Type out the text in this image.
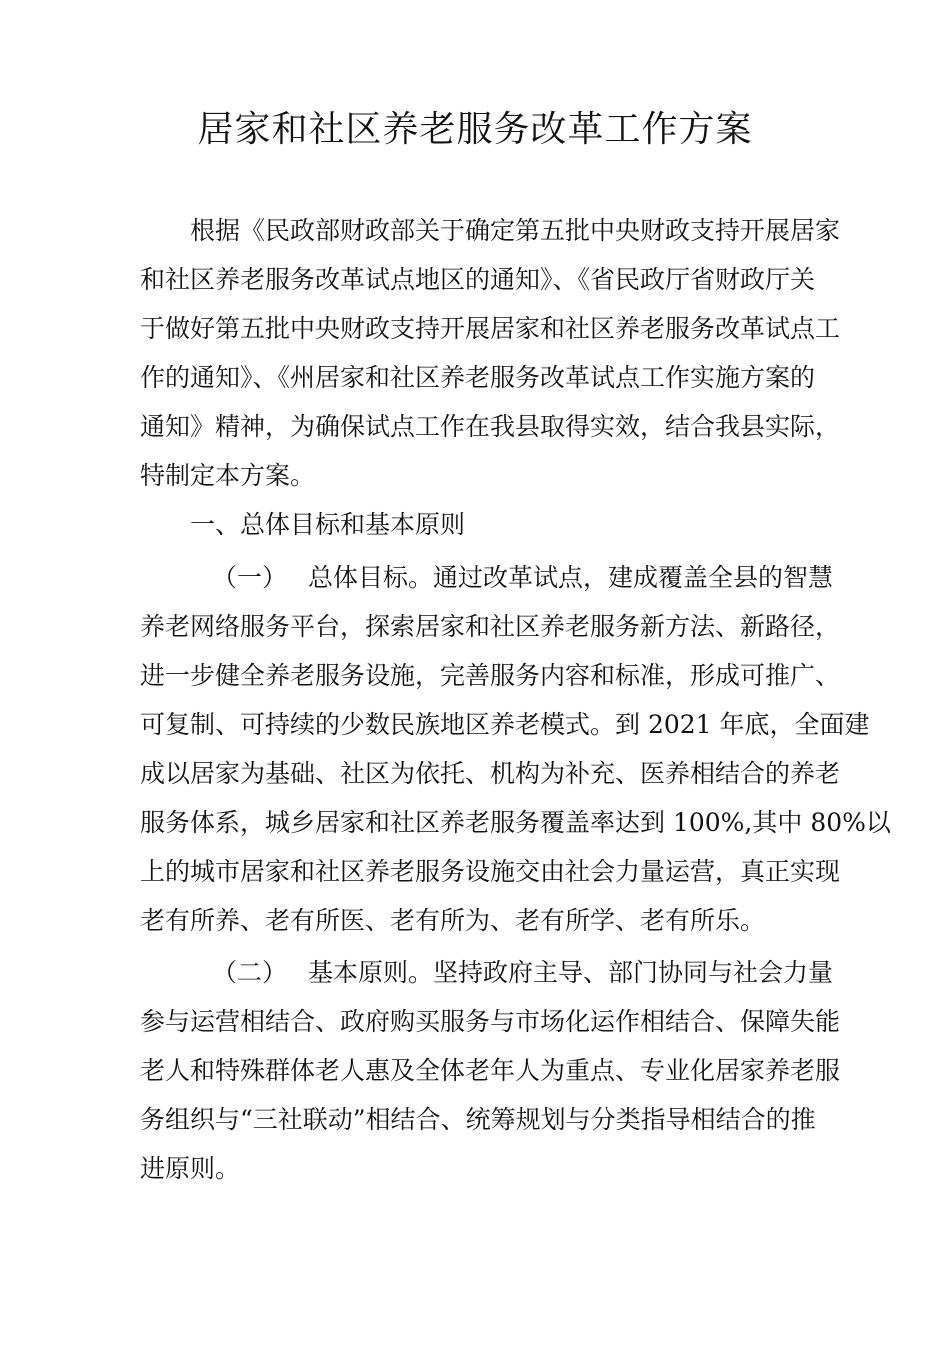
居家和社区养老服务改革工作方案

根据《民政部财政部关于确定第五批中央财政支持开展居家

和社区养老服务改革试点地区的通知》、《省民政厅省财政厅关

于做好第五批中央财政支持开展居家和社区养老服务改革试点工

作的通知》、《州居家和社区养老服务改革试点工作实施方案的

通知》精神，为确保试点工作在我县取得实效，结合我县实际，

特制定本方案。

一、总体目标和基本原则

（一） 总体目标。通过改革试点，建成覆盖全县的智慧

养老网络服务平台，探索居家和社区养老服务新方法、新路径，

进一步健全养老服务设施，完善服务内容和标准，形成可推广、

可复制、可持续的少数民族地区养老模式。到 2021 年底，全面建

成以居家为基础、社区为依托、机构为补充、医养相结合的养老

服务体系，城乡居家和社区养老服务覆盖率达到 100%,其中 80%以

上的城市居家和社区养老服务设施交由社会力量运营，真正实现

老有所养、老有所医、老有所为、老有所学、老有所乐。

（二） 基本原则。坚持政府主导、部门协同与社会力量

参与运营相结合、政府购买服务与市场化运作相结合、保障失能

老人和特殊群体老人惠及全体老年人为重点、专业化居家养老服

务组织与“三社联动”相结合、统筹规划与分类指导相结合的推

进原则。
